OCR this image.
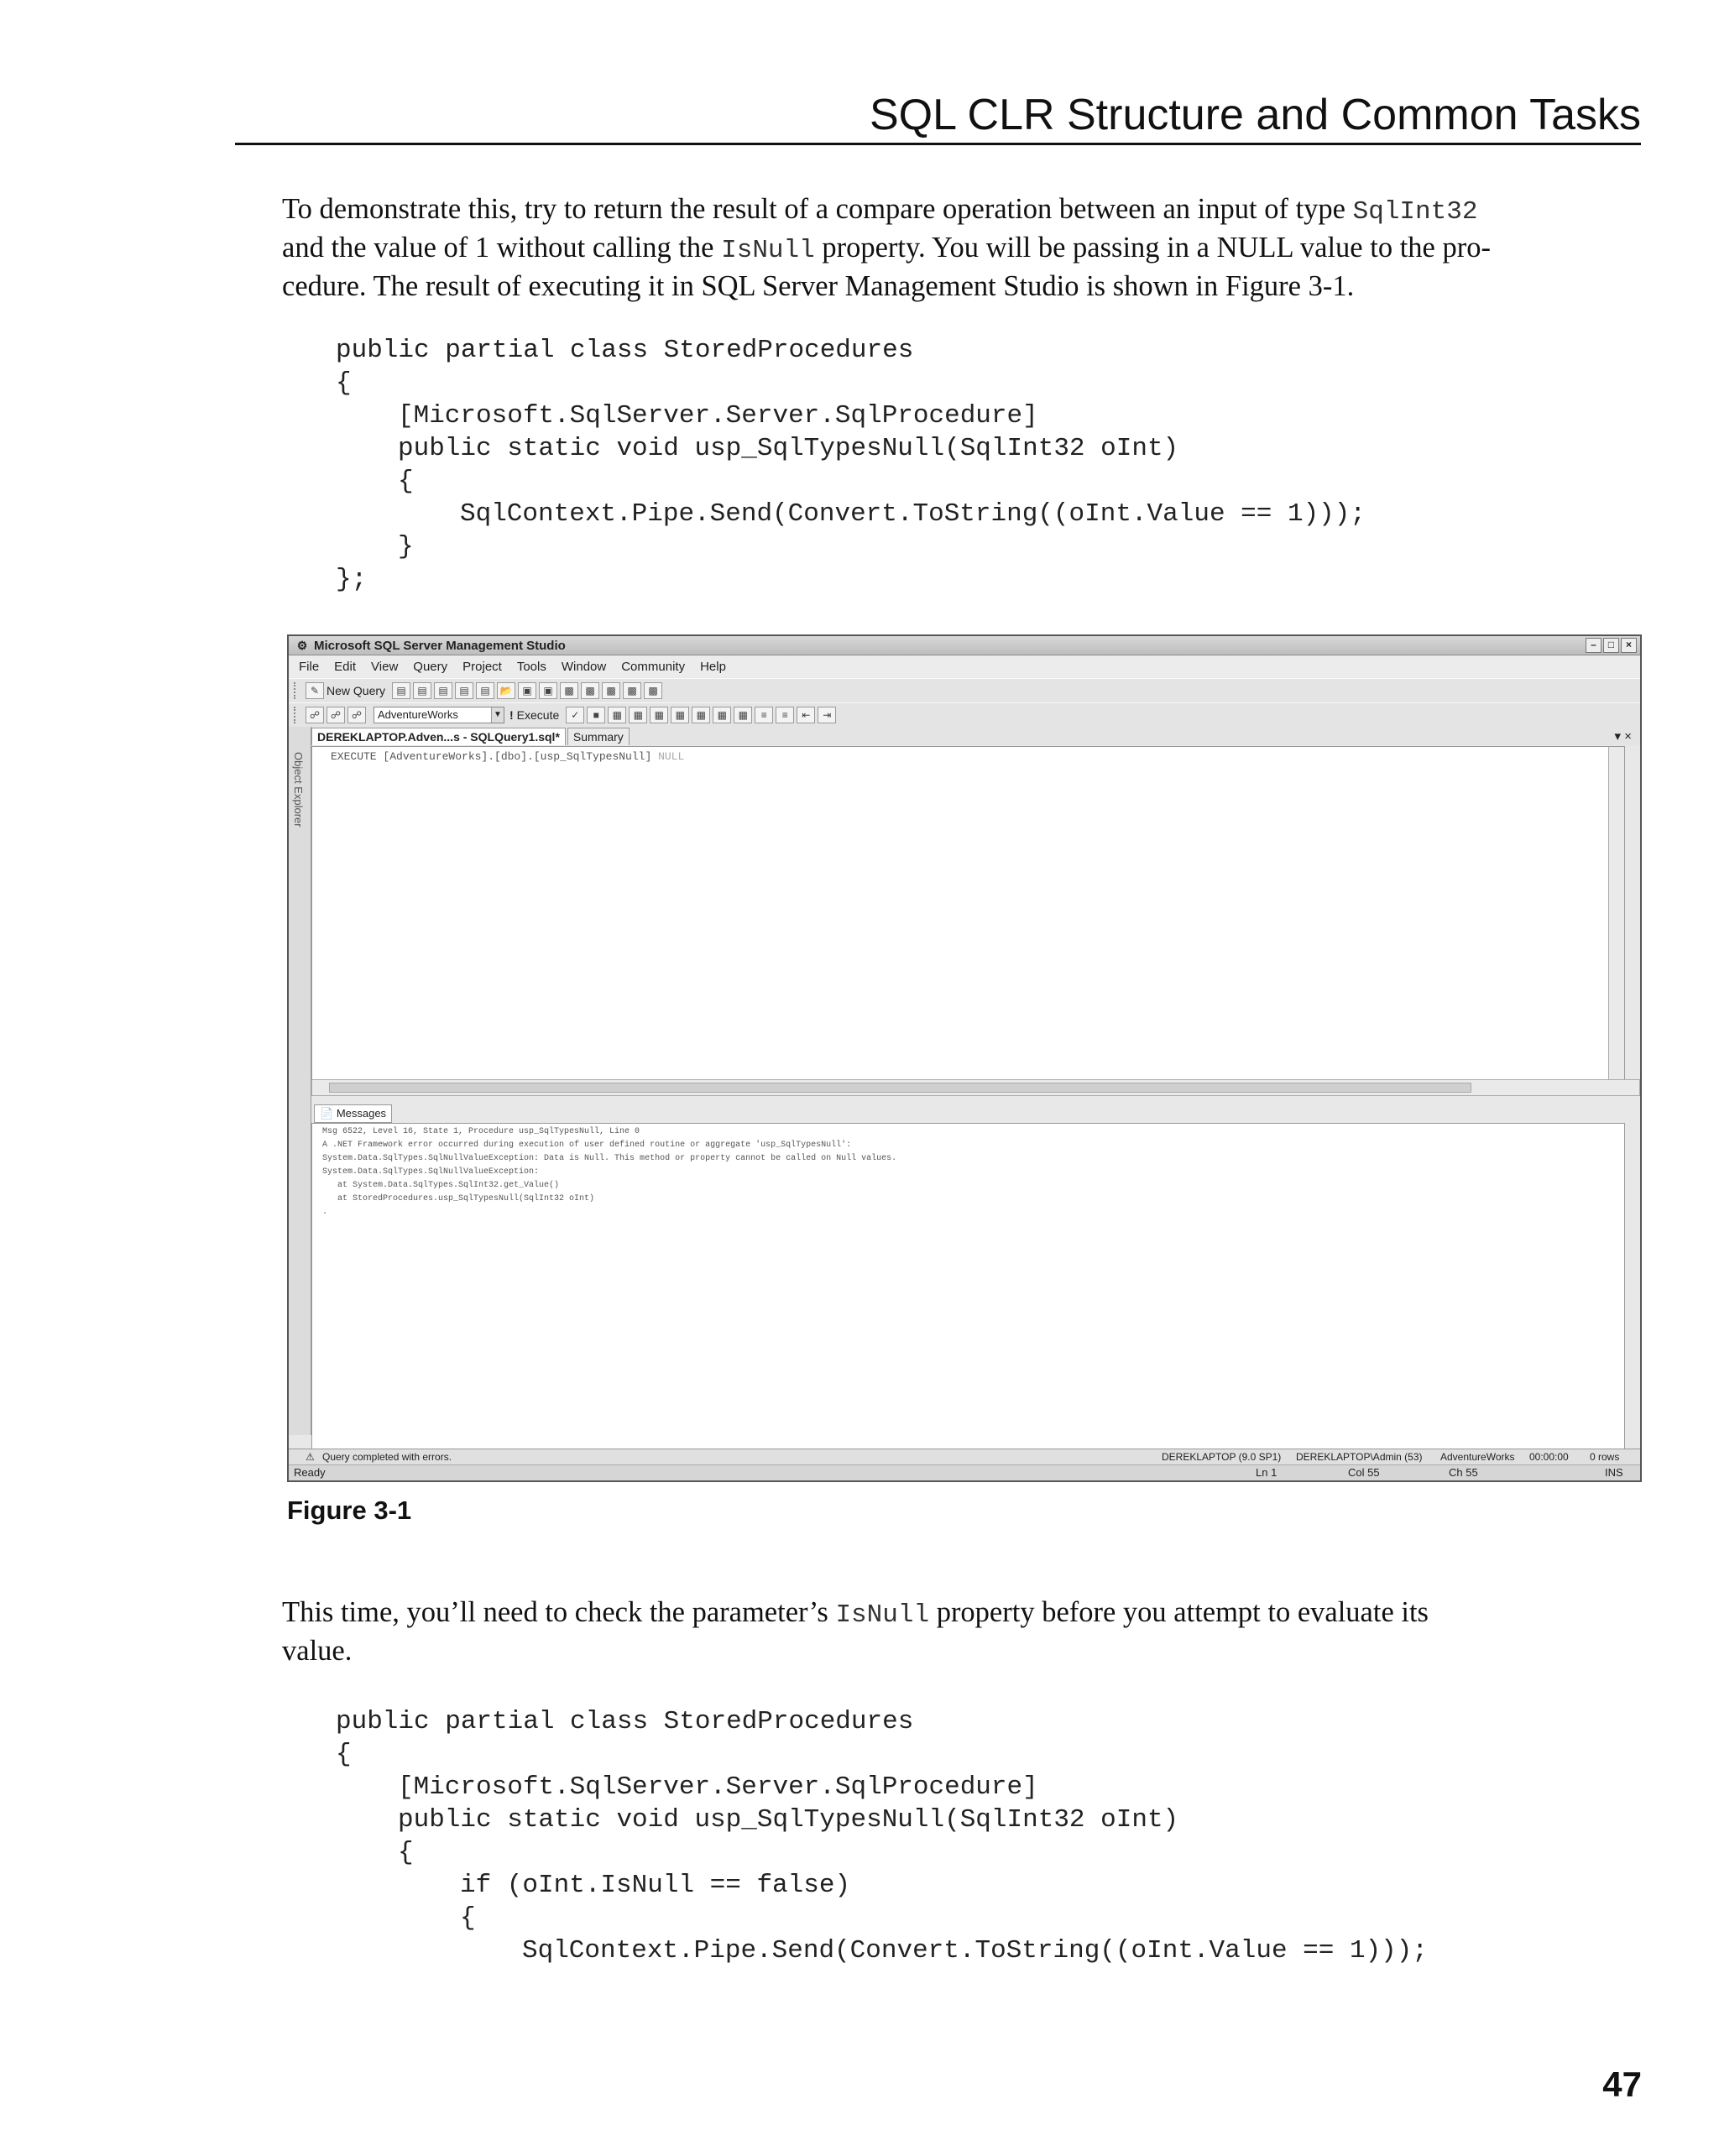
SQL CLR Structure and Common Tasks

To demonstrate this, try to return the result of a compare operation between an input of type SqlInt32
and the value of 1 without calling the IsNull property. You will be passing in a NULL value to the pro-
cedure. The result of executing it in SQL Server Management Studio is shown in Figure 3-1.

public partial class StoredProcedures
{
[Microsoft.SqlServer.Server.SqlProcedure]
public static void usp_SqlTypesNull(SqlInt32 oInt)
{
SqlContext.Pipe.Send(Convert.ToString((oInt.Value == 1)));
}
};
⚙ Microsoft SQL Server Management Studio	–	□	×
File Edit View Query Project Tools Window Community Help
✎ New Query	▤	▤	▤	▤	▤ 📂 ▣	▣	▩	▩	▩	▩	▩
☍	☍	☍	AdventureWorks	▼ ! Execute	✓	■	▦	▦	▦	▦	▦	▦	▦	≡	≡	⇤	⇥
Object Explorer
DEREKLAPTOP.Adven...s - SQLQuery1.sql*	Summary	▾ ×
EXECUTE [AdventureWorks].[dbo].[usp_SqlTypesNull] NULL
📄 Messages
Msg 6522, Level 16, State 1, Procedure usp_SqlTypesNull, Line 0
A .NET Framework error occurred during execution of user defined routine or aggregate 'usp_SqlTypesNull':
System.Data.SqlTypes.SqlNullValueException: Data is Null. This method or property cannot be called on Null values.
System.Data.SqlTypes.SqlNullValueException:
at System.Data.SqlTypes.SqlInt32.get_Value()
at StoredProcedures.usp_SqlTypesNull(SqlInt32 oInt)
.
⚠ Query completed with errors.	DEREKLAPTOP (9.0 SP1) DEREKLAPTOP\Admin (53) AdventureWorks 00:00:00 0 rows
Ready	Ln 1	Col 55	Ch 55	INS
Figure 3-1

This time, you’ll need to check the parameter’s IsNull property before you attempt to evaluate its
value.

public partial class StoredProcedures
{
[Microsoft.SqlServer.Server.SqlProcedure]
public static void usp_SqlTypesNull(SqlInt32 oInt)
{
if (oInt.IsNull == false)
{
SqlContext.Pipe.Send(Convert.ToString((oInt.Value == 1)));
47
